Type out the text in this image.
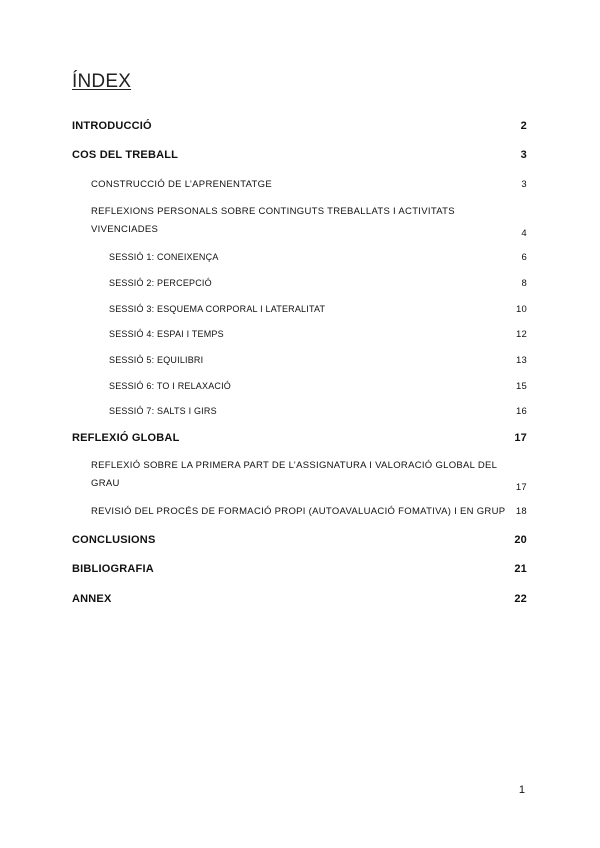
ÍNDEX
INTRODUCCIÓ	2
COS DEL TREBALL	3
CONSTRUCCIÓ DE L’APRENENTATGE	3
REFLEXIONS PERSONALS SOBRE CONTINGUTS TREBALLATS I ACTIVITATS VIVENCIADES	4
SESSIÓ 1: CONEIXENÇA	6
SESSIÓ 2: PERCEPCIÓ	8
SESSIÓ 3: ESQUEMA CORPORAL I LATERALITAT	10
SESSIÓ 4: ESPAI I TEMPS	12
SESSIÓ 5: EQUILIBRI	13
SESSIÓ 6: TO I RELAXACIÓ	15
SESSIÓ 7: SALTS I GIRS	16
REFLEXIÓ GLOBAL	17
REFLEXIÓ SOBRE LA PRIMERA PART DE L’ASSIGNATURA I VALORACIÓ GLOBAL DEL GRAU	17
REVISIÓ DEL PROCÉS DE FORMACIÓ PROPI (AUTOAVALUACIÓ FOMATIVA) I EN GRUP	18
CONCLUSIONS	20
BIBLIOGRAFIA	21
ANNEX	22
1
